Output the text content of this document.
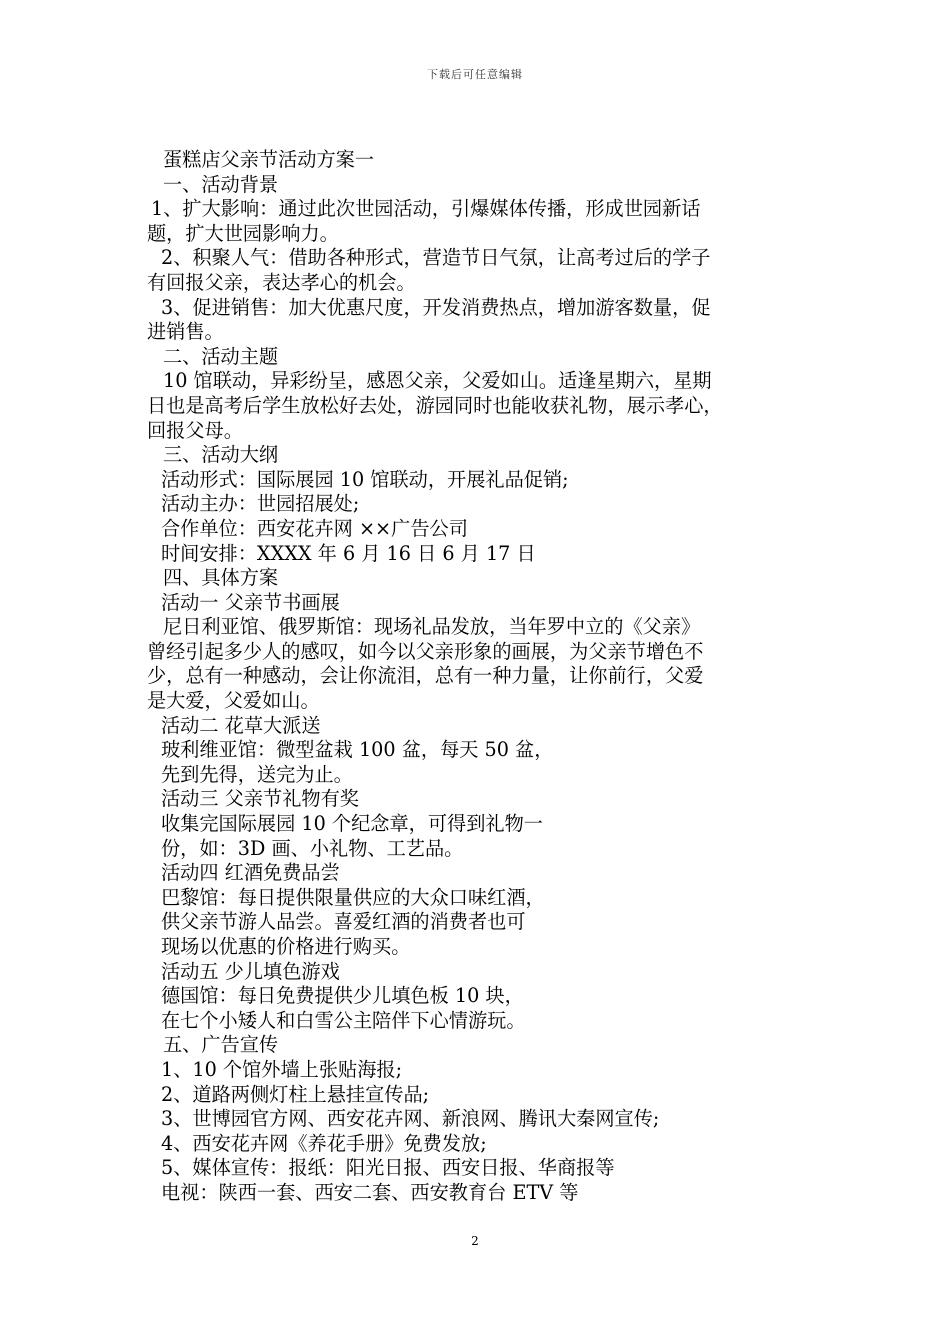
下载后可任意编辑
蛋糕店父亲节活动方案一
一、活动背景
1、扩大影响：通过此次世园活动，引爆媒体传播，形成世园新话
题，扩大世园影响力。
2、积聚人气：借助各种形式，营造节日气氛，让高考过后的学子
有回报父亲，表达孝心的机会。
3、促进销售：加大优惠尺度，开发消费热点，增加游客数量，促
进销售。
二、活动主题
10 馆联动，异彩纷呈，感恩父亲，父爱如山。适逢星期六，星期
日也是高考后学生放松好去处，游园同时也能收获礼物，展示孝心，
回报父母。
三、活动大纲
活动形式：国际展园 10 馆联动，开展礼品促销;
活动主办：世园招展处;
合作单位：西安花卉网 ××广告公司
时间安排：XXXX 年 6 月 16 日 6 月 17 日
四、具体方案
活动一 父亲节书画展
尼日利亚馆、俄罗斯馆：现场礼品发放，当年罗中立的《父亲》
曾经引起多少人的感叹，如今以父亲形象的画展，为父亲节增色不
少，总有一种感动，会让你流泪，总有一种力量，让你前行，父爱
是大爱，父爱如山。
活动二 花草大派送
玻利维亚馆：微型盆栽 100 盆，每天 50 盆，
先到先得，送完为止。
活动三 父亲节礼物有奖
收集完国际展园 10 个纪念章，可得到礼物一
份，如：3D 画、小礼物、工艺品。
活动四 红酒免费品尝
巴黎馆：每日提供限量供应的大众口味红酒，
供父亲节游人品尝。喜爱红酒的消费者也可
现场以优惠的价格进行购买。
活动五 少儿填色游戏
德国馆：每日免费提供少儿填色板 10 块，
在七个小矮人和白雪公主陪伴下心情游玩。
五、广告宣传
1、10 个馆外墙上张贴海报;
2、道路两侧灯柱上悬挂宣传品;
3、世博园官方网、西安花卉网、新浪网、腾讯大秦网宣传;
4、西安花卉网《养花手册》免费发放;
5、媒体宣传：报纸：阳光日报、西安日报、华商报等
电视：陕西一套、西安二套、西安教育台 ETV 等
2
